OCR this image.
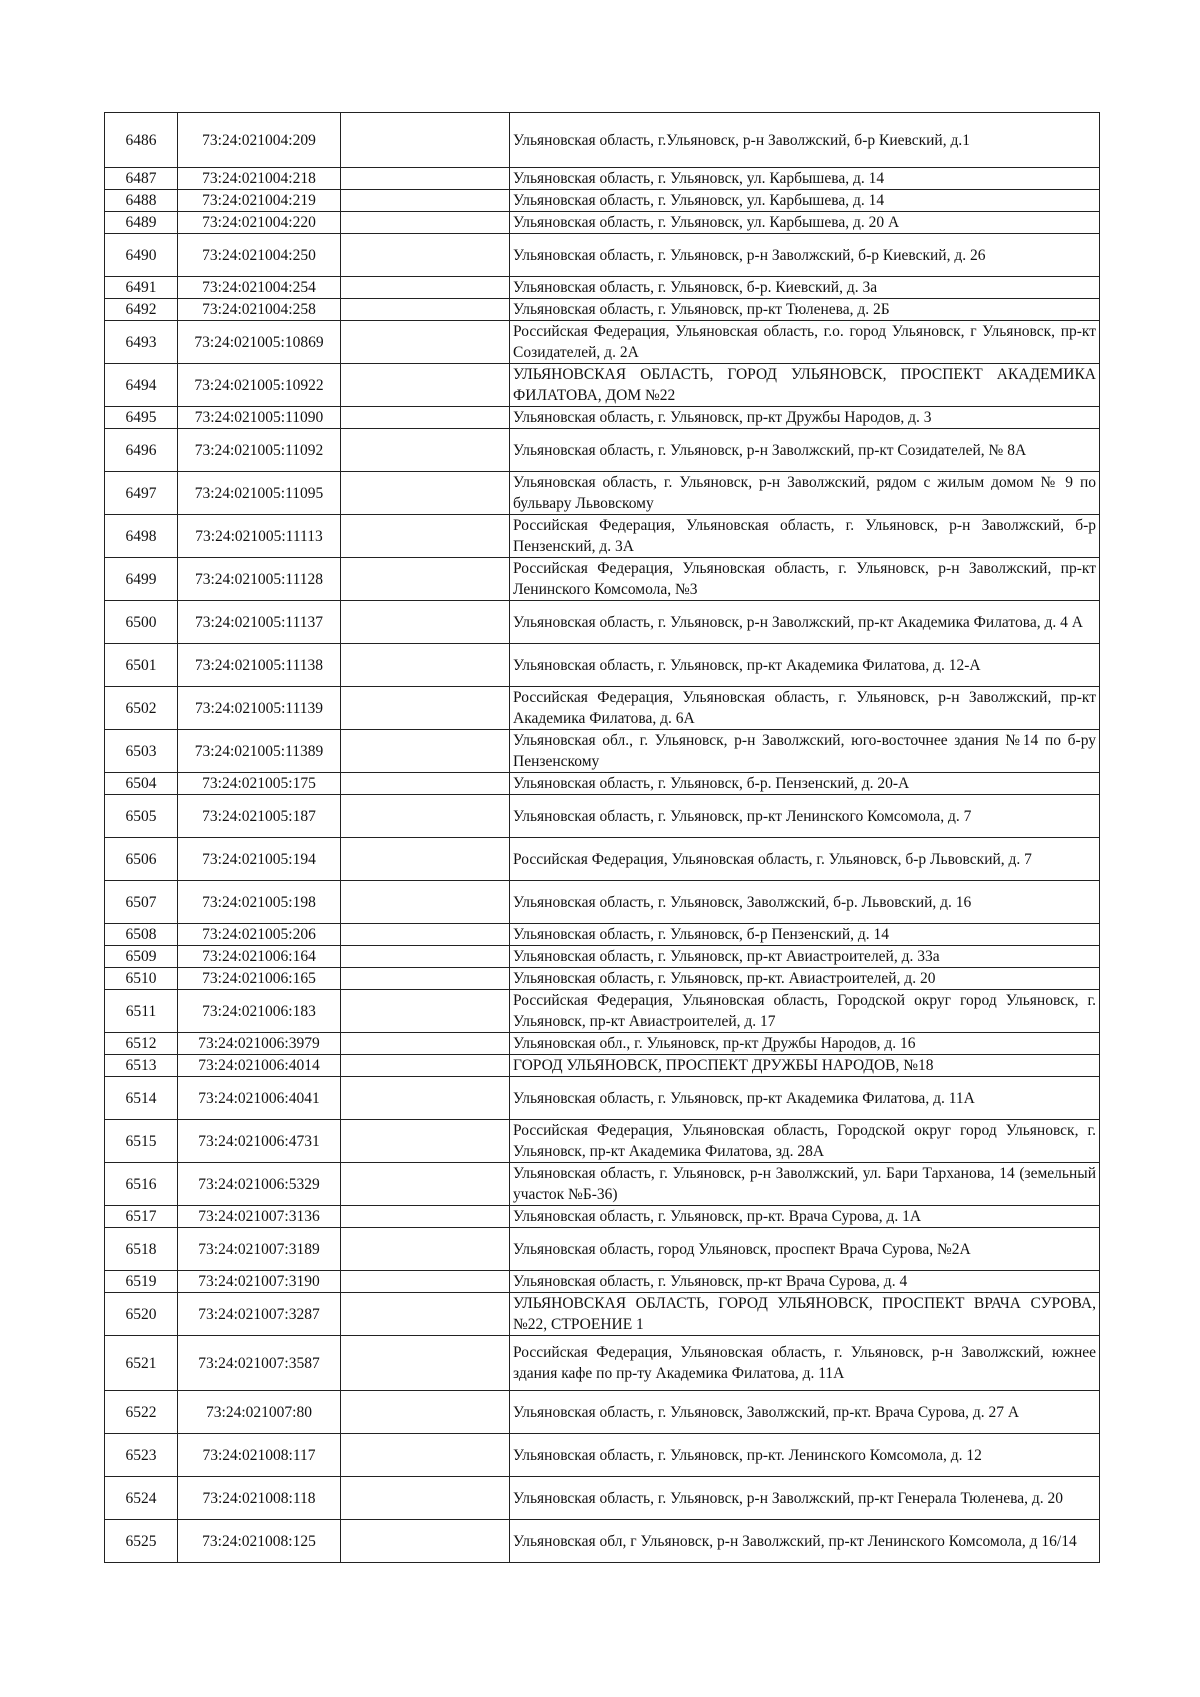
6486	73:24:021004:209		Ульяновская область, г.Ульяновск, р-н Заволжский, б-р Киевский, д.1
6487	73:24:021004:218		Ульяновская область, г. Ульяновск, ул. Карбышева, д. 14
6488	73:24:021004:219		Ульяновская область, г. Ульяновск, ул. Карбышева, д. 14
6489	73:24:021004:220		Ульяновская область, г. Ульяновск, ул. Карбышева, д. 20 А
6490	73:24:021004:250		Ульяновская область, г. Ульяновск, р-н Заволжский, б-р Киевский, д. 26
6491	73:24:021004:254		Ульяновская область, г. Ульяновск, б-р. Киевский, д. 3а
6492	73:24:021004:258		Ульяновская область, г. Ульяновск, пр-кт Тюленева, д. 2Б
6493	73:24:021005:10869		Российская Федерация, Ульяновская область, г.о. город Ульяновск, г Ульяновск, пр-кт Созидателей, д. 2А
6494	73:24:021005:10922		УЛЬЯНОВСКАЯ ОБЛАСТЬ, ГОРОД УЛЬЯНОВСК, ПРОСПЕКТ АКАДЕМИКА ФИЛАТОВА, ДОМ №22
6495	73:24:021005:11090		Ульяновская область, г. Ульяновск, пр-кт Дружбы Народов, д. 3
6496	73:24:021005:11092		Ульяновская область, г. Ульяновск, р-н Заволжский, пр-кт Созидателей, № 8А
6497	73:24:021005:11095		Ульяновская область, г. Ульяновск, р-н Заволжский, рядом с жилым домом № 9 по бульвару Львовскому
6498	73:24:021005:11113		Российская Федерация, Ульяновская область, г. Ульяновск, р-н Заволжский, б-р Пензенский, д. 3А
6499	73:24:021005:11128		Российская Федерация, Ульяновская область, г. Ульяновск, р-н Заволжский, пр-кт Ленинского Комсомола, №3
6500	73:24:021005:11137		Ульяновская область, г. Ульяновск, р-н Заволжский, пр-кт Академика Филатова, д. 4 А
6501	73:24:021005:11138		Ульяновская область, г. Ульяновск, пр-кт Академика Филатова, д. 12-А
6502	73:24:021005:11139		Российская Федерация, Ульяновская область, г. Ульяновск, р-н Заволжский, пр-кт Академика Филатова, д. 6А
6503	73:24:021005:11389		Ульяновская обл., г. Ульяновск, р-н Заволжский, юго-восточнее здания №14 по б-ру Пензенскому
6504	73:24:021005:175		Ульяновская область, г. Ульяновск, б-р. Пензенский, д. 20-А
6505	73:24:021005:187		Ульяновская область, г. Ульяновск, пр-кт Ленинского Комсомола, д. 7
6506	73:24:021005:194		Российская Федерация, Ульяновская область, г. Ульяновск, б-р Львовский, д. 7
6507	73:24:021005:198		Ульяновская область, г. Ульяновск, Заволжский, б-р. Львовский, д. 16
6508	73:24:021005:206		Ульяновская область, г. Ульяновск, б-р Пензенский, д. 14
6509	73:24:021006:164		Ульяновская область, г. Ульяновск, пр-кт Авиастроителей, д. 33а
6510	73:24:021006:165		Ульяновская область, г. Ульяновск, пр-кт. Авиастроителей, д. 20
6511	73:24:021006:183		Российская Федерация, Ульяновская область, Городской округ город Ульяновск, г. Ульяновск, пр-кт Авиастроителей, д. 17
6512	73:24:021006:3979		Ульяновская обл., г. Ульяновск, пр-кт Дружбы Народов, д. 16
6513	73:24:021006:4014		ГОРОД УЛЬЯНОВСК, ПРОСПЕКТ ДРУЖБЫ НАРОДОВ, №18
6514	73:24:021006:4041		Ульяновская область, г. Ульяновск, пр-кт Академика Филатова, д. 11А
6515	73:24:021006:4731		Российская Федерация, Ульяновская область, Городской округ город Ульяновск, г. Ульяновск, пр-кт Академика Филатова, зд. 28А
6516	73:24:021006:5329		Ульяновская область, г. Ульяновск, р-н Заволжский, ул. Бари Тарханова, 14 (земельный участок №Б-36)
6517	73:24:021007:3136		Ульяновская область, г. Ульяновск, пр-кт. Врача Сурова, д. 1А
6518	73:24:021007:3189		Ульяновская область, город Ульяновск, проспект Врача Сурова, №2А
6519	73:24:021007:3190		Ульяновская область, г. Ульяновск, пр-кт Врача Сурова, д. 4
6520	73:24:021007:3287		УЛЬЯНОВСКАЯ ОБЛАСТЬ, ГОРОД УЛЬЯНОВСК, ПРОСПЕКТ ВРАЧА СУРОВА, №22, СТРОЕНИЕ 1
6521	73:24:021007:3587		Российская Федерация, Ульяновская область, г. Ульяновск, р-н Заволжский, южнее здания кафе по пр-ту Академика Филатова, д. 11А
6522	73:24:021007:80		Ульяновская область, г. Ульяновск, Заволжский, пр-кт. Врача Сурова, д. 27 А
6523	73:24:021008:117		Ульяновская область, г. Ульяновск, пр-кт. Ленинского Комсомола, д. 12
6524	73:24:021008:118		Ульяновская область, г. Ульяновск, р-н Заволжский, пр-кт Генерала Тюленева, д. 20
6525	73:24:021008:125		Ульяновская обл, г Ульяновск, р-н Заволжский, пр-кт Ленинского Комсомола, д 16/14
